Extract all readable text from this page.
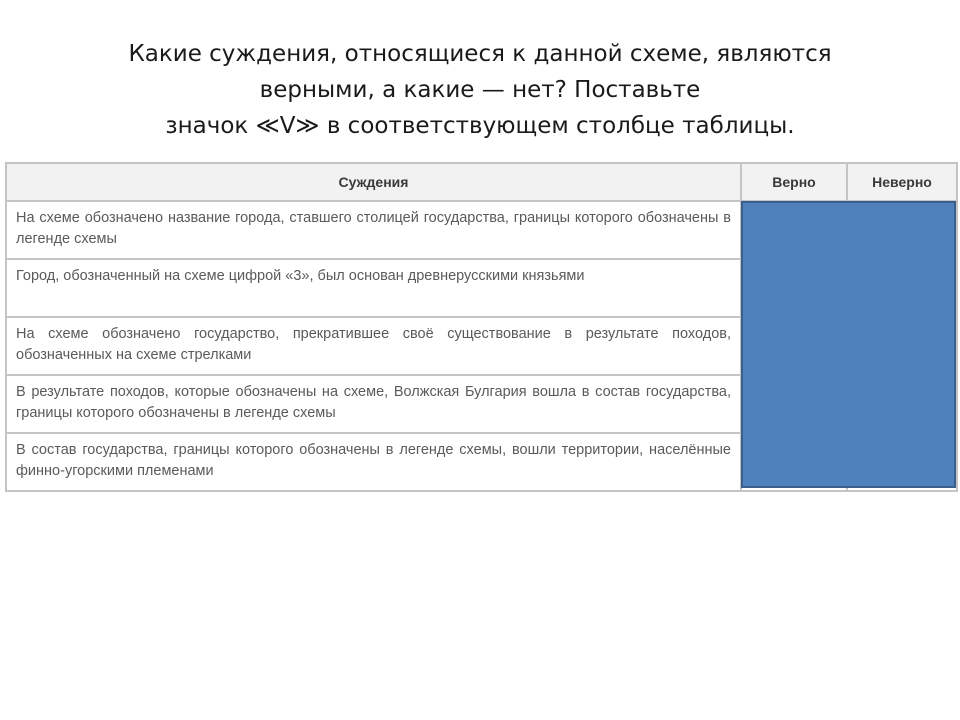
Какие суждения, относящиеся к данной схеме, являются
верными, а какие — нет? Поставьте
значок ≪V≫ в соответствующем столбце таблицы.
Суждения	Верно	Неверно
На схеме обозначено название города, ставшего столицей государства, границы которого обозначены в легенде схемы		
Город, обозначенный на схеме цифрой «3», был основан древнерусскими князьями		
На схеме обозначено государство, прекратившее своё существование в результате походов, обозначенных на схеме стрелками		
В результате походов, которые обозначены на схеме, Волжская Булгария вошла в состав государства, границы которого обозначены в легенде схемы		
В состав государства, границы которого обозначены в легенде схемы, вошли территории, населённые финно-угорскими племенами		
